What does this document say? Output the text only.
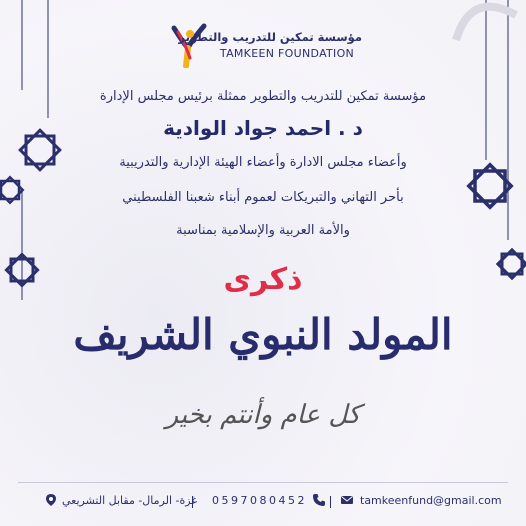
مؤسسة تمكين للتدريب والتطوير
TAMKEEN FOUNDATION
مؤسسة تمكين للتدريب والتطوير ممثلة برئيس مجلس الإدارة
د . احمد جواد الوادية
وأعضاء مجلس الادارة وأعضاء الهيئة الإدارية والتدريبية
بأحر التهاني والتبريكات لعموم أبناء شعبنا الفلسطيني
والأمة العربية والإسلامية بمناسبة
ذكرى
المولد النبوي الشريف
كل عام وأنتم بخير
tamkeenfund@gmail.com
0597080452
غزة- الرمال- مقابل التشريعي
